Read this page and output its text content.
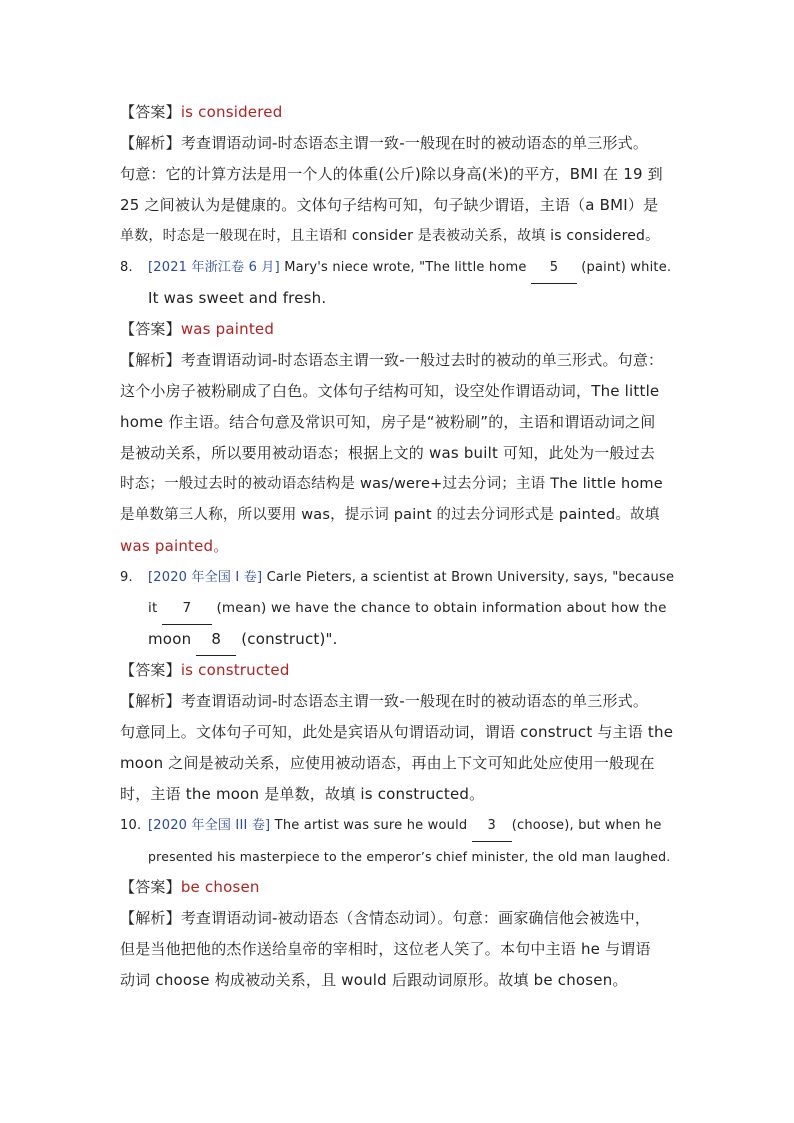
【答案】is considered
【解析】考查谓语动词-时态语态主谓一致-一般现在时的被动语态的单三形式。
句意：它的计算方法是用一个人的体重(公斤)除以身高(米)的平方，BMI 在 19 到
25 之间被认为是健康的。文体句子结构可知，句子缺少谓语，主语（a BMI）是
单数，时态是一般现在时，且主语和 consider 是表被动关系，故填 is considered。
8. [2021 年浙江卷 6 月] Mary's niece wrote, "The little home 5 (paint) white.
It was sweet and fresh.
【答案】was painted
【解析】考查谓语动词-时态语态主谓一致-一般过去时的被动的单三形式。句意：
这个小房子被粉刷成了白色。文体句子结构可知，设空处作谓语动词，The little
home 作主语。结合句意及常识可知，房子是“被粉刷”的，主语和谓语动词之间
是被动关系，所以要用被动语态；根据上文的 was built 可知，此处为一般过去
时态；一般过去时的被动语态结构是 was/were+过去分词；主语 The little home
是单数第三人称，所以要用 was，提示词 paint 的过去分词形式是 painted。故填
was painted。
9. [2020 年全国 I 卷] Carle Pieters, a scientist at Brown University, says, "because
it 7 (mean) we have the chance to obtain information about how the
moon 8 (construct)".
【答案】is constructed
【解析】考查谓语动词-时态语态主谓一致-一般现在时的被动语态的单三形式。
句意同上。文体句子可知，此处是宾语从句谓语动词，谓语 construct 与主语 the
moon 之间是被动关系，应使用被动语态，再由上下文可知此处应使用一般现在
时，主语 the moon 是单数，故填 is constructed。
10. [2020 年全国 III 卷] The artist was sure he would 3 (choose), but when he
presented his masterpiece to the emperor’s chief minister, the old man laughed.
【答案】be chosen
【解析】考查谓语动词-被动语态（含情态动词）。句意：画家确信他会被选中，
但是当他把他的杰作送给皇帝的宰相时，这位老人笑了。本句中主语 he 与谓语
动词 choose 构成被动关系，且 would 后跟动词原形。故填 be chosen。
